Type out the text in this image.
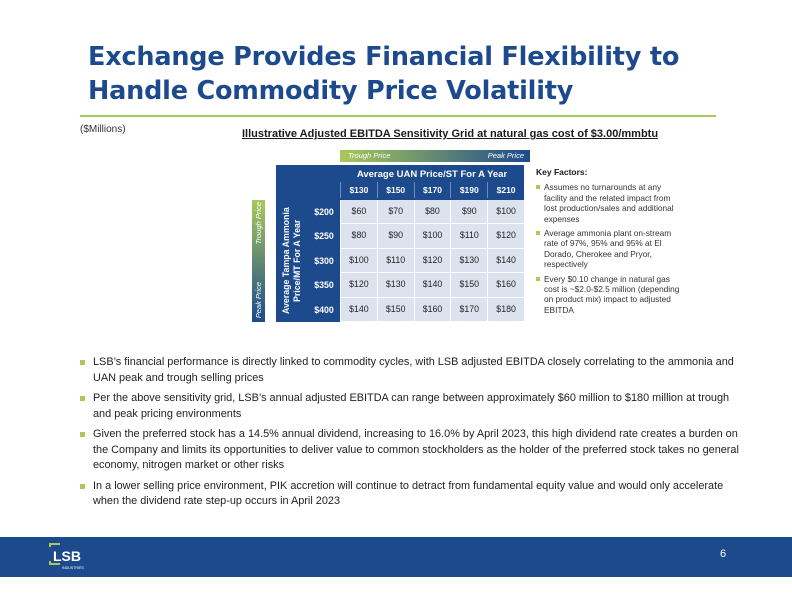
Exchange Provides Financial Flexibility to Handle Commodity Price Volatility
($Millions)	Illustrative Adjusted EBITDA Sensitivity Grid at natural gas cost of $3.00/mmbtu
Trough Price	Peak Price
Trough Price
Peak Price
Average UAN Price/ST For A Year
Average Tampa Ammonia Price/MT For A Year
$130	$150	$170	$190	$210
$200	$60	$70	$80	$90	$100
$250	$80	$90	$100	$110	$120
$300	$100	$110	$120	$130	$140
$350	$120	$130	$140	$150	$160
$400	$140	$150	$160	$170	$180
Key Factors:
Assumes no turnarounds at any facility and the related impact from lost production/sales and additional expenses
Average ammonia plant on-stream rate of 97%, 95% and 95% at El Dorado, Cherokee and Pryor, respectively
Every $0.10 change in natural gas cost is ~$2.0-$2.5 million (depending on product mix) impact to adjusted EBITDA
LSB’s financial performance is directly linked to commodity cycles, with LSB adjusted EBITDA closely correlating to the ammonia and UAN peak and trough selling prices
Per the above sensitivity grid, LSB’s annual adjusted EBITDA can range between approximately $60 million to $180 million at trough and peak pricing environments
Given the preferred stock has a 14.5% annual dividend, increasing to 16.0% by April 2023, this high dividend rate creates a burden on the Company and limits its opportunities to deliver value to common stockholders as the holder of the preferred stock takes no general economy, nitrogen market or other risks
In a lower selling price environment, PIK accretion will continue to detract from fundamental equity value and would only accelerate when the dividend rate step-up occurs in April 2023
LSB
INDUSTRIES
6
